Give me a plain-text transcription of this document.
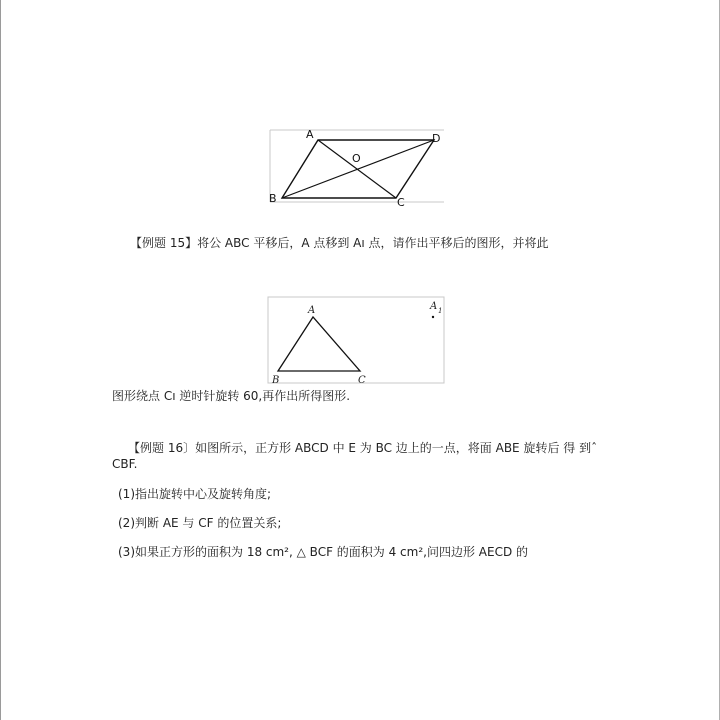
A	D
O
B	C
【例题 15】将公 ABC 平移后，A 点移到 Aı 点，请作出平移后的图形，并将此
A
B	C
A 1
图形绕点 Cı 逆时针旋转 60,再作出所得图形.
【例题 16〕如图所示，正方形 ABCD 中 E 为 BC 边上的一点，将面 ABE 旋转后 得 到ˆ
CBF.
(1)指出旋转中心及旋转角度;
(2)判断 AE 与 CF 的位置关系;
(3)如果正方形的面积为 18 cm², △ BCF 的面积为 4 cm²,问四边形 AECD 的
